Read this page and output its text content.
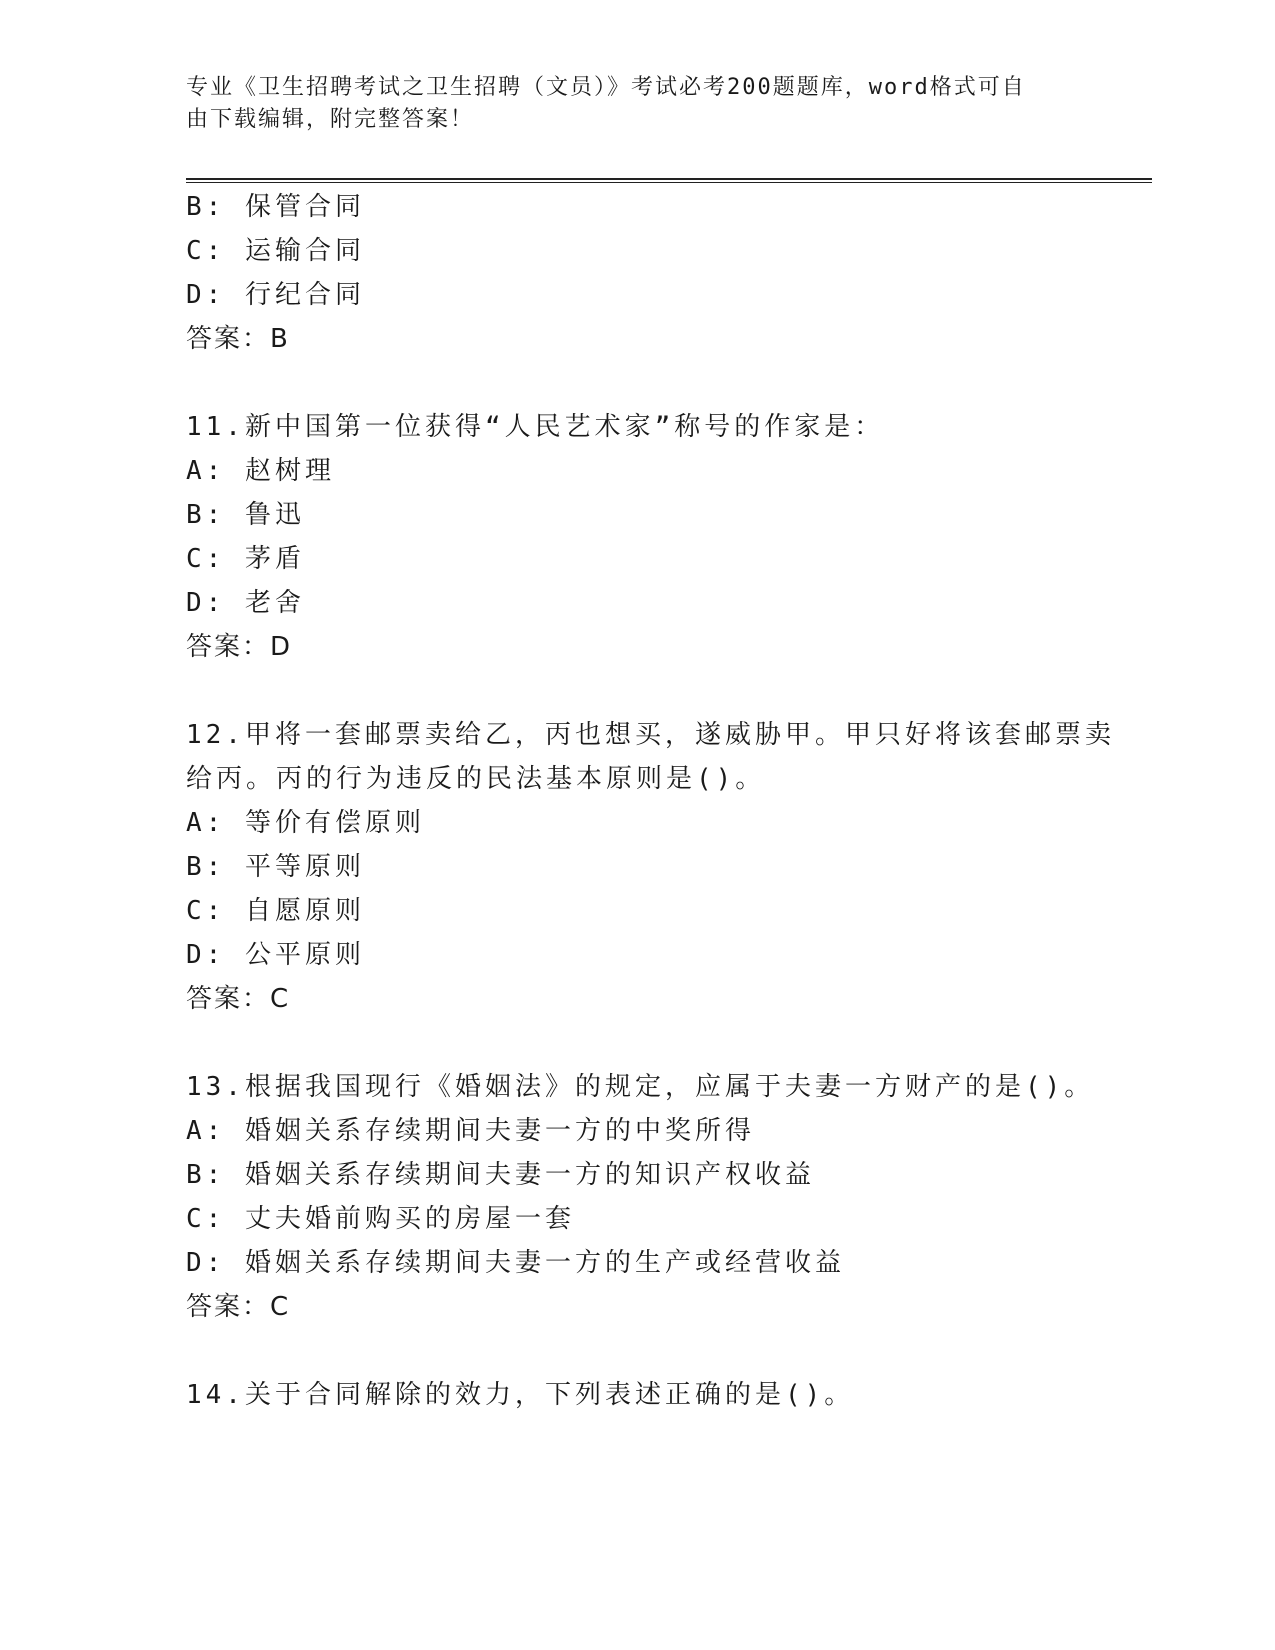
专业《卫生招聘考试之卫生招聘（文员）》考试必考200题题库，word格式可自
由下载编辑，附完整答案！
B: 保管合同
C: 运输合同
D: 行纪合同
答案：B
11.新中国第一位获得“人民艺术家”称号的作家是：
A: 赵树理
B: 鲁迅
C: 茅盾
D: 老舍
答案：D
12.甲将一套邮票卖给乙，丙也想买，遂威胁甲。甲只好将该套邮票卖
给丙。丙的行为违反的民法基本原则是()。
A: 等价有偿原则
B: 平等原则
C: 自愿原则
D: 公平原则
答案：C
13.根据我国现行《婚姻法》的规定，应属于夫妻一方财产的是()。
A: 婚姻关系存续期间夫妻一方的中奖所得
B: 婚姻关系存续期间夫妻一方的知识产权收益
C: 丈夫婚前购买的房屋一套
D: 婚姻关系存续期间夫妻一方的生产或经营收益
答案：C
14.关于合同解除的效力，下列表述正确的是()。
